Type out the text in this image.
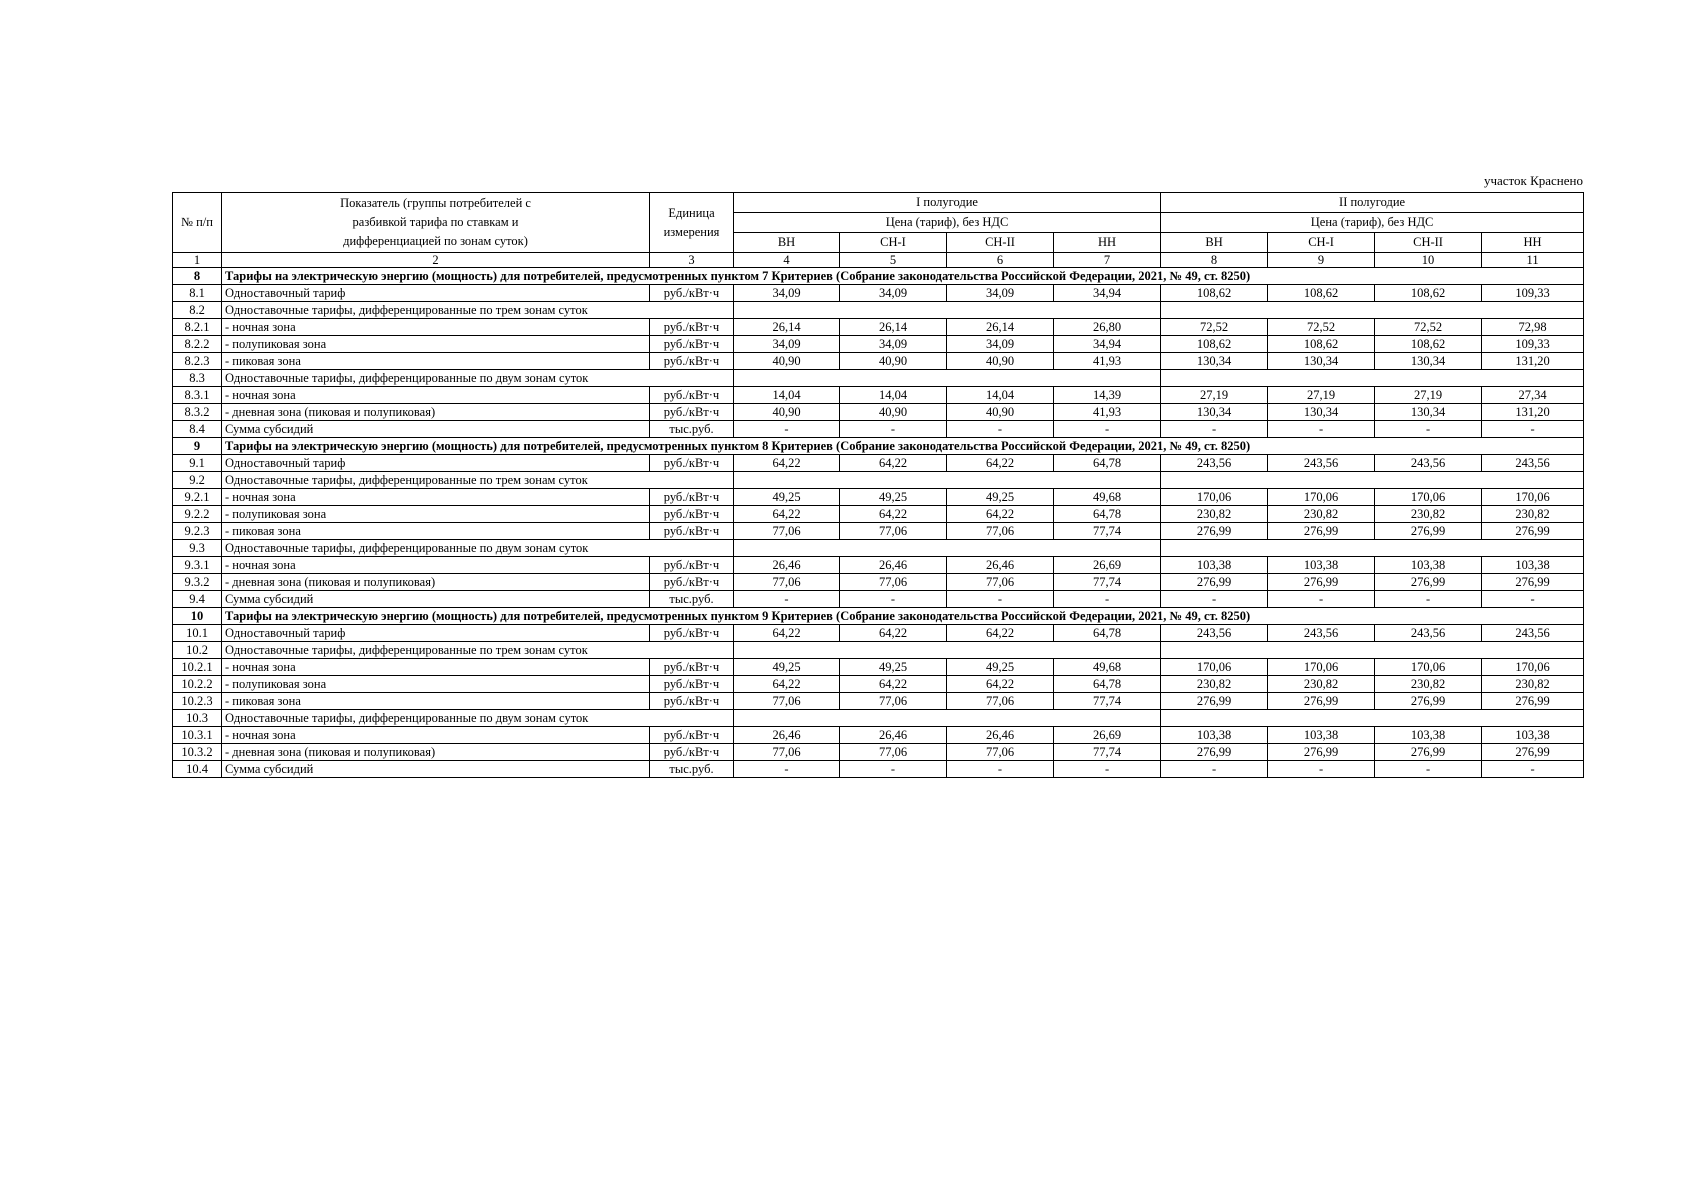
участок Краснено
№ п/п	Показатель (группы потребителей с разбивкой тарифа по ставкам и дифференциацией по зонам суток)	Единица измерения	I полугодие				II полугодие			
			Цена (тариф), без НДС				Цена (тариф), без НДС			
			ВН	СН-I	СН-II	НН	ВН	СН-I	СН-II	НН
1	2	3	4	5	6	7	8	9	10	11
8	Тарифы на электрическую энергию (мощность) для потребителей, предусмотренных пунктом 7 Критериев (Собрание законодательства Российской Федерации, 2021, № 49, ст. 8250)									
8.1	Одноставочный тариф	руб./кВт·ч	34,09	34,09	34,09	34,94	108,62	108,62	108,62	109,33
8.2	Одноставочные тарифы, дифференцированные по трем зонам суток									
8.2.1	- ночная зона	руб./кВт·ч	26,14	26,14	26,14	26,80	72,52	72,52	72,52	72,98
8.2.2	- полупиковая зона	руб./кВт·ч	34,09	34,09	34,09	34,94	108,62	108,62	108,62	109,33
8.2.3	- пиковая зона	руб./кВт·ч	40,90	40,90	40,90	41,93	130,34	130,34	130,34	131,20
8.3	Одноставочные тарифы, дифференцированные по двум зонам суток									
8.3.1	- ночная зона	руб./кВт·ч	14,04	14,04	14,04	14,39	27,19	27,19	27,19	27,34
8.3.2	- дневная зона (пиковая и полупиковая)	руб./кВт·ч	40,90	40,90	40,90	41,93	130,34	130,34	130,34	131,20
8.4	Сумма субсидий	тыс.руб.	-	-	-	-	-	-	-	-
9	Тарифы на электрическую энергию (мощность) для потребителей, предусмотренных пунктом 8 Критериев (Собрание законодательства Российской Федерации, 2021, № 49, ст. 8250)									
9.1	Одноставочный тариф	руб./кВт·ч	64,22	64,22	64,22	64,78	243,56	243,56	243,56	243,56
9.2	Одноставочные тарифы, дифференцированные по трем зонам суток									
9.2.1	- ночная зона	руб./кВт·ч	49,25	49,25	49,25	49,68	170,06	170,06	170,06	170,06
9.2.2	- полупиковая зона	руб./кВт·ч	64,22	64,22	64,22	64,78	230,82	230,82	230,82	230,82
9.2.3	- пиковая зона	руб./кВт·ч	77,06	77,06	77,06	77,74	276,99	276,99	276,99	276,99
9.3	Одноставочные тарифы, дифференцированные по двум зонам суток									
9.3.1	- ночная зона	руб./кВт·ч	26,46	26,46	26,46	26,69	103,38	103,38	103,38	103,38
9.3.2	- дневная зона (пиковая и полупиковая)	руб./кВт·ч	77,06	77,06	77,06	77,74	276,99	276,99	276,99	276,99
9.4	Сумма субсидий	тыс.руб.	-	-	-	-	-	-	-	-
10	Тарифы на электрическую энергию (мощность) для потребителей, предусмотренных пунктом 9 Критериев (Собрание законодательства Российской Федерации, 2021, № 49, ст. 8250)									
10.1	Одноставочный тариф	руб./кВт·ч	64,22	64,22	64,22	64,78	243,56	243,56	243,56	243,56
10.2	Одноставочные тарифы, дифференцированные по трем зонам суток									
10.2.1	- ночная зона	руб./кВт·ч	49,25	49,25	49,25	49,68	170,06	170,06	170,06	170,06
10.2.2	- полупиковая зона	руб./кВт·ч	64,22	64,22	64,22	64,78	230,82	230,82	230,82	230,82
10.2.3	- пиковая зона	руб./кВт·ч	77,06	77,06	77,06	77,74	276,99	276,99	276,99	276,99
10.3	Одноставочные тарифы, дифференцированные по двум зонам суток									
10.3.1	- ночная зона	руб./кВт·ч	26,46	26,46	26,46	26,69	103,38	103,38	103,38	103,38
10.3.2	- дневная зона (пиковая и полупиковая)	руб./кВт·ч	77,06	77,06	77,06	77,74	276,99	276,99	276,99	276,99
10.4	Сумма субсидий	тыс.руб.	-	-	-	-	-	-	-	-
